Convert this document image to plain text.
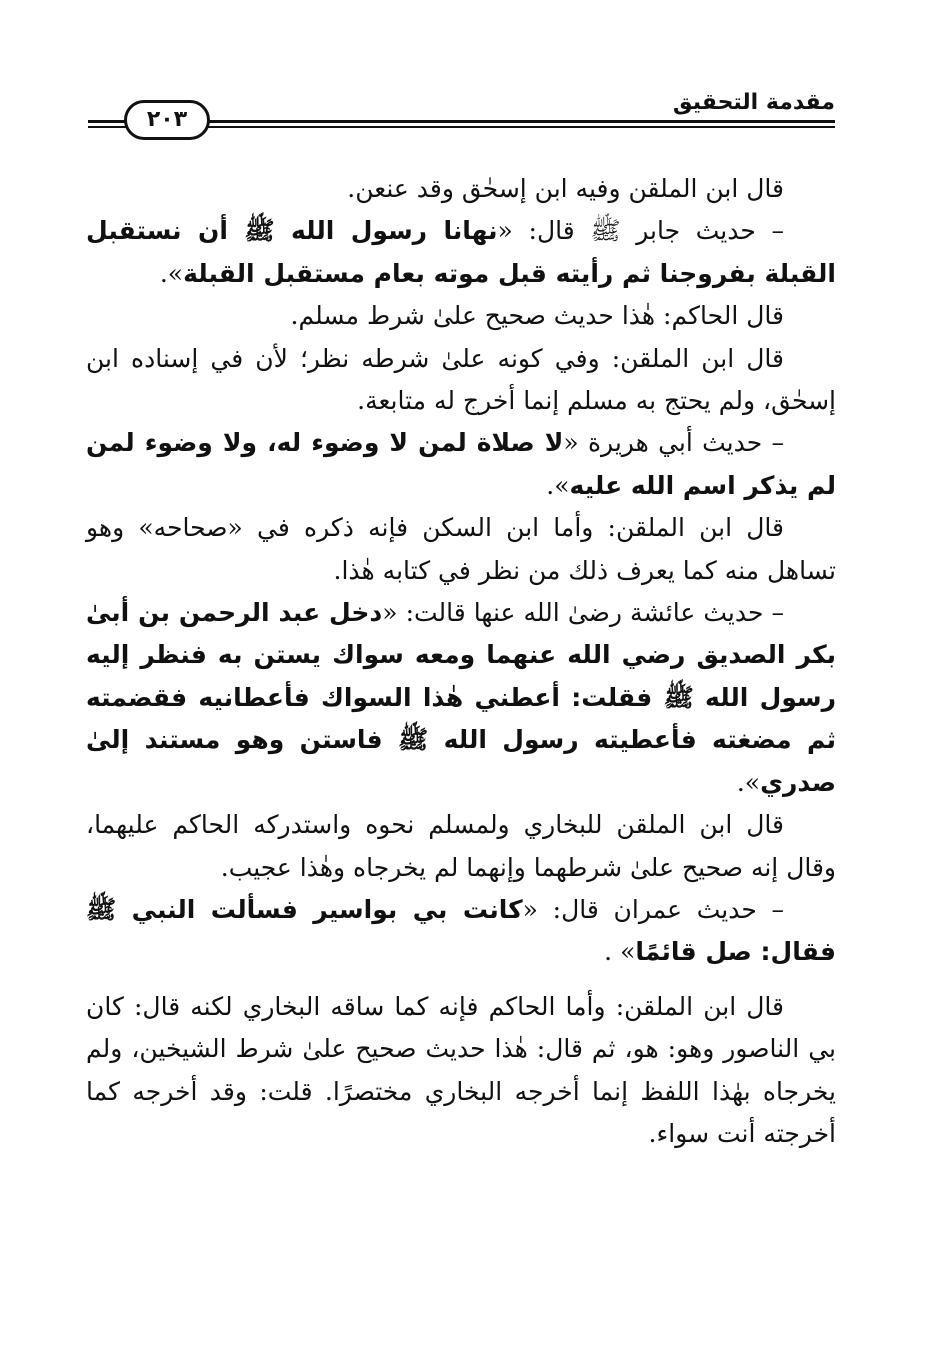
مقدمة التحقيق
٢٠٣

قال ابن الملقن وفيه ابن إسحٰق وقد عنعن.

– حديث جابر ﷺ قال: «نهانا رسول الله ﷺ أن نستقبل القبلة بفروجنا ثم رأيته قبل موته بعام مستقبل القبلة».

قال الحاكم: هٰذا حديث صحيح علىٰ شرط مسلم.

قال ابن الملقن: وفي كونه علىٰ شرطه نظر؛ لأن في إسناده ابن إسحٰق، ولم يحتج به مسلم إنما أخرج له متابعة.

– حديث أبي هريرة «لا صلاة لمن لا وضوء له، ولا وضوء لمن لم يذكر اسم الله عليه».

قال ابن الملقن: وأما ابن السكن فإنه ذكره في «صحاحه» وهو تساهل منه كما يعرف ذلك من نظر في كتابه هٰذا.

– حديث عائشة رضىٰ الله عنها قالت: «دخل عبد الرحمن بن أبىٰ بكر الصديق رضي الله عنهما ومعه سواك يستن به فنظر إليه رسول الله ﷺ فقلت: أعطني هٰذا السواك فأعطانيه فقضمته ثم مضغته فأعطيته رسول الله ﷺ فاستن وهو مستند إلىٰ صدري».

قال ابن الملقن للبخاري ولمسلم نحوه واستدركه الحاكم عليهما، وقال إنه صحيح علىٰ شرطهما وإنهما لم يخرجاه وهٰذا عجيب.

– حديث عمران قال: «كانت بي بواسير فسألت النبي ﷺ فقال: صل قائمًا» .

قال ابن الملقن: وأما الحاكم فإنه كما ساقه البخاري لكنه قال: كان بي الناصور وهو: هو، ثم قال: هٰذا حديث صحيح علىٰ شرط الشيخين، ولم يخرجاه بهٰذا اللفظ إنما أخرجه البخاري مختصرًا. قلت: وقد أخرجه كما أخرجته أنت سواء.
